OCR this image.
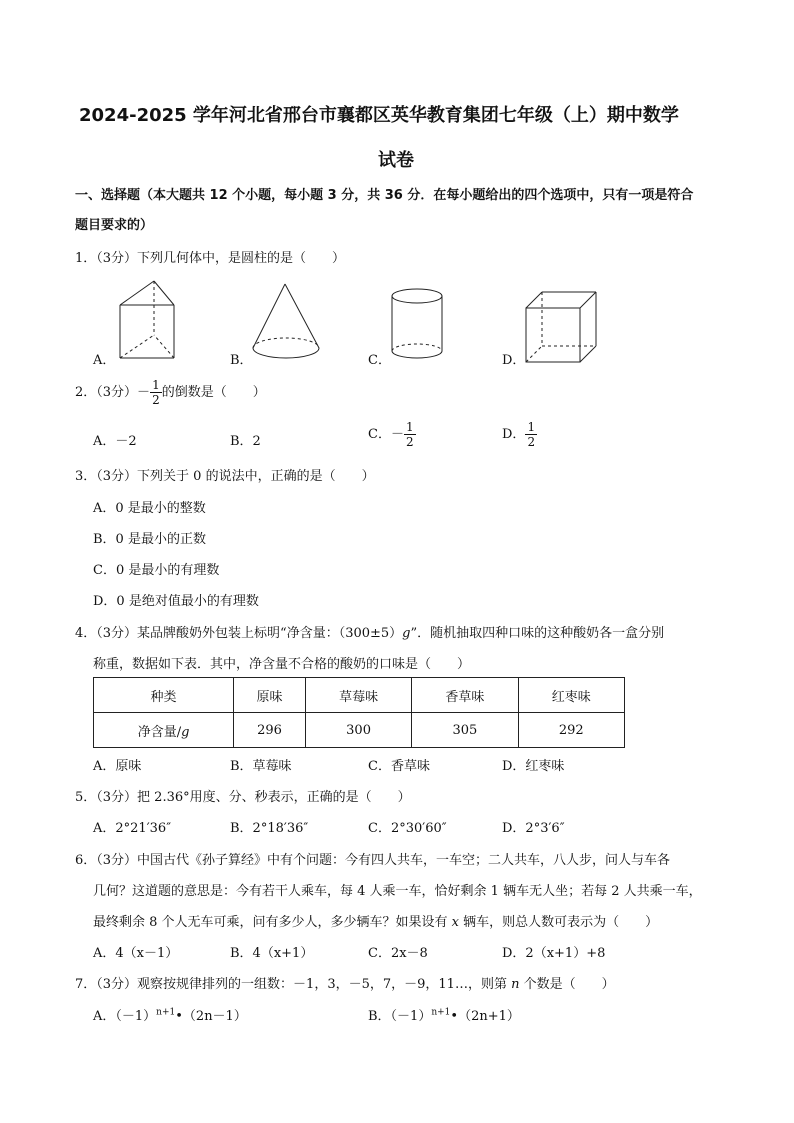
2024-2025 学年河北省邢台市襄都区英华教育集团七年级（上）期中数学
试卷
一、选择题（本大题共 12 个小题，每小题 3 分，共 36 分．在每小题给出的四个选项中，只有一项是符合
题目要求的）
1．（3分）下列几何体中，是圆柱的是（　　）
A．	B．	C．	D．
2．（3分）－ $\frac{1}{2}$ 的倒数是（　　）
A．－2	B．2	C．－ $\frac{1}{2}$	D． $\frac{1}{2}$
3．（3分）下列关于 0 的说法中，正确的是（　　）
A．0 是最小的整数
B．0 是最小的正数
C．0 是最小的有理数
D．0 是绝对值最小的有理数
4．（3分）某品牌酸奶外包装上标明“净含量：（300±5）g”．随机抽取四种口味的这种酸奶各一盒分别
称重，数据如下表．其中，净含量不合格的酸奶的口味是（　　）
种类	原味	草莓味	香草味	红枣味
净含量/g	296	300	305	292
A．原味	B．草莓味	C．香草味	D．红枣味
5．（3分）把 2.36°用度、分、秒表示，正确的是（　　）
A．2°21′36″	B．2°18′36″	C．2°30′60″	D．2°3′6″
6．（3分）中国古代《孙子算经》中有个问题：今有四人共车，一车空；二人共车，八人步，问人与车各
几何？这道题的意思是：今有若干人乘车，每 4 人乘一车，恰好剩余 1 辆车无人坐；若每 2 人共乘一车，
最终剩余 8 个人无车可乘，问有多少人，多少辆车？如果设有 x 辆车，则总人数可表示为（　　）
A．4（x－1）	B．4（x+1）	C．2x－8	D．2（x+1）+8
7．（3分）观察按规律排列的一组数：－1，3，－5，7，－9，11…，则第 n 个数是（　　）
A．$(-1)^{n+1}•(2n-1)$	B．$(-1)^{n+1}•(2n+1)$
